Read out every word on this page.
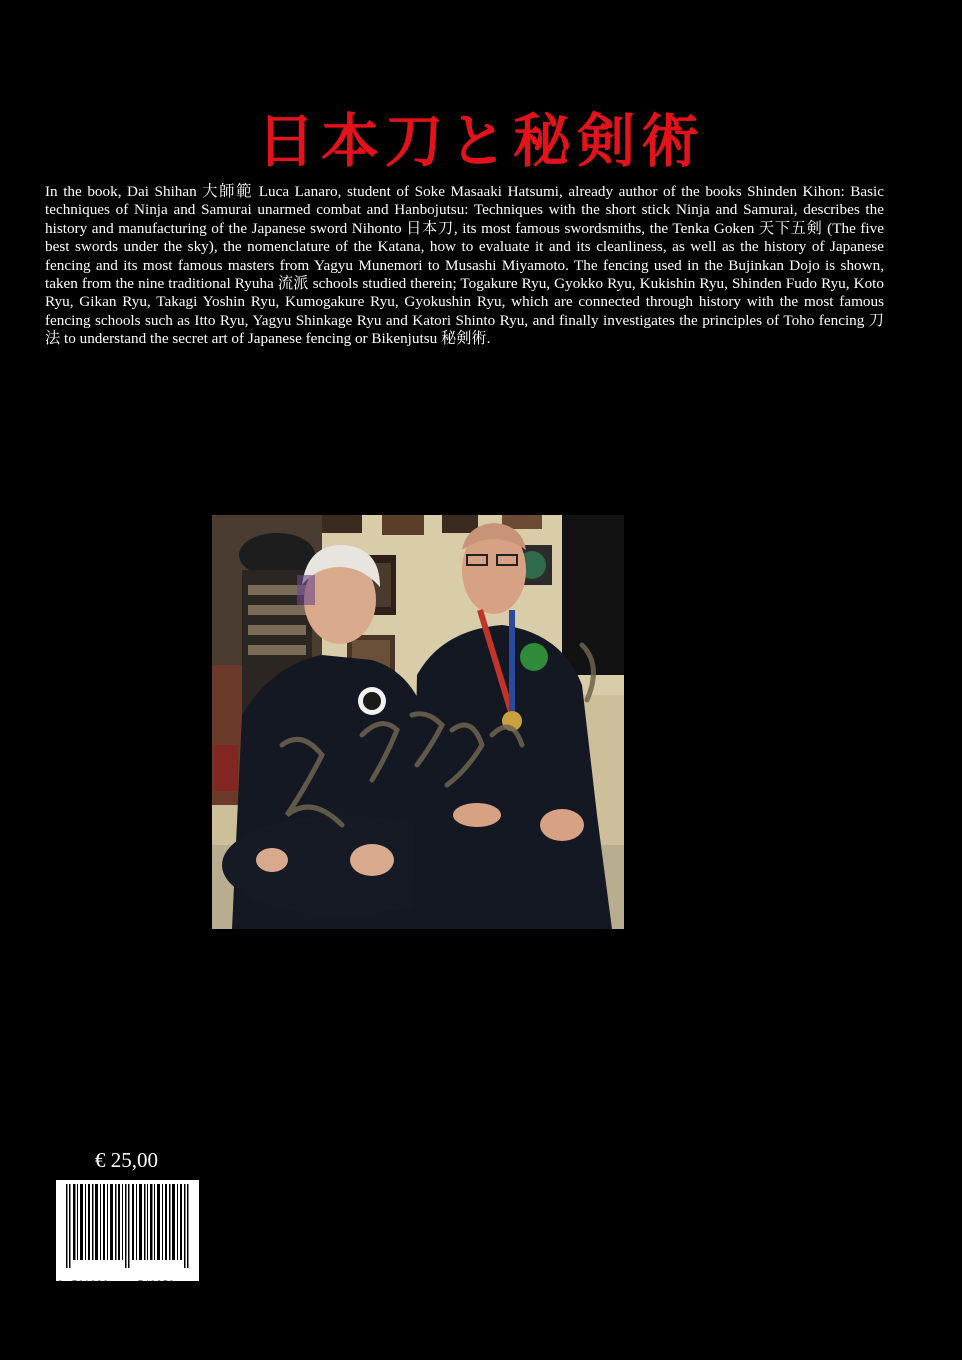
日本刀と秘剣術

In the book, Dai Shihan 大師範 Luca Lanaro, student of Soke Masaaki Hatsumi, already author of the books Shinden Kihon: Basic techniques of Ninja and Samurai unarmed combat and Hanbojutsu: Techniques with the short stick Ninja and Samurai, describes the history and manufacturing of the Japanese sword Nihonto 日本刀, its most famous swordsmiths, the Tenka Goken 天下五剣 (The five best swords under the sky), the nomenclature of the Katana, how to evaluate it and its cleanliness, as well as the history of Japanese fencing and its most famous masters from Yagyu Munemori to Musashi Miyamoto. The fencing used in the Bujinkan Dojo is shown, taken from the nine traditional Ryuha 流派 schools studied therein; Togakure Ryu, Gyokko Ryu, Kukishin Ryu, Shinden Fudo Ryu, Koto Ryu, Gikan Ryu, Takagi Yoshin Ryu, Kumogakure Ryu, Gyokushin Ryu, which are connected through history with the most famous fencing schools such as Itto Ryu, Yagyu Shinkage Ryu and Katori Shinto Ryu, and finally investigates the principles of Toho fencing 刀法 to understand the secret art of Japanese fencing or Bikenjutsu 秘剣術.

€ 25,00
9 791222	740850
